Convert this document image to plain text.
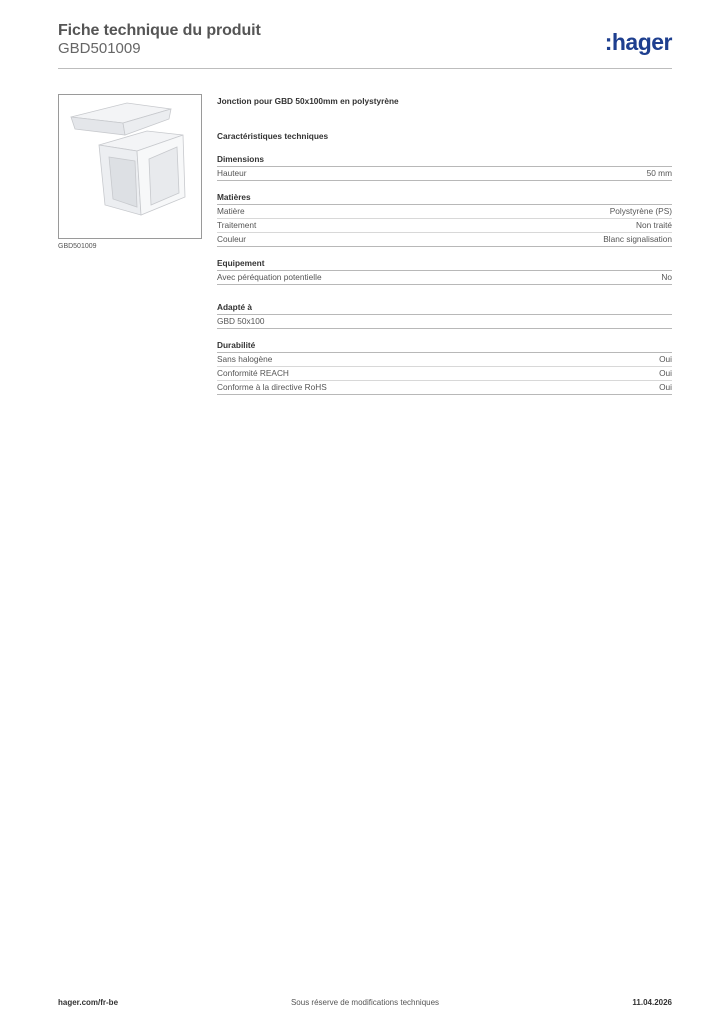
Fiche technique du produit
GBD501009	:hager
GBD501009
Jonction pour GBD 50x100mm en polystyrène
Caractéristiques techniques
Dimensions
Hauteur	50 mm
Matières
Matière	Polystyrène (PS)
Traitement	Non traité
Couleur	Blanc signalisation
Equipement
Avec péréquation potentielle	No
Adapté à
GBD 50x100
Durabilité
Sans halogène	Oui
Conformité REACH	Oui
Conforme à la directive RoHS	Oui
hager.com/fr-be	Sous réserve de modifications techniques	11.04.2026
